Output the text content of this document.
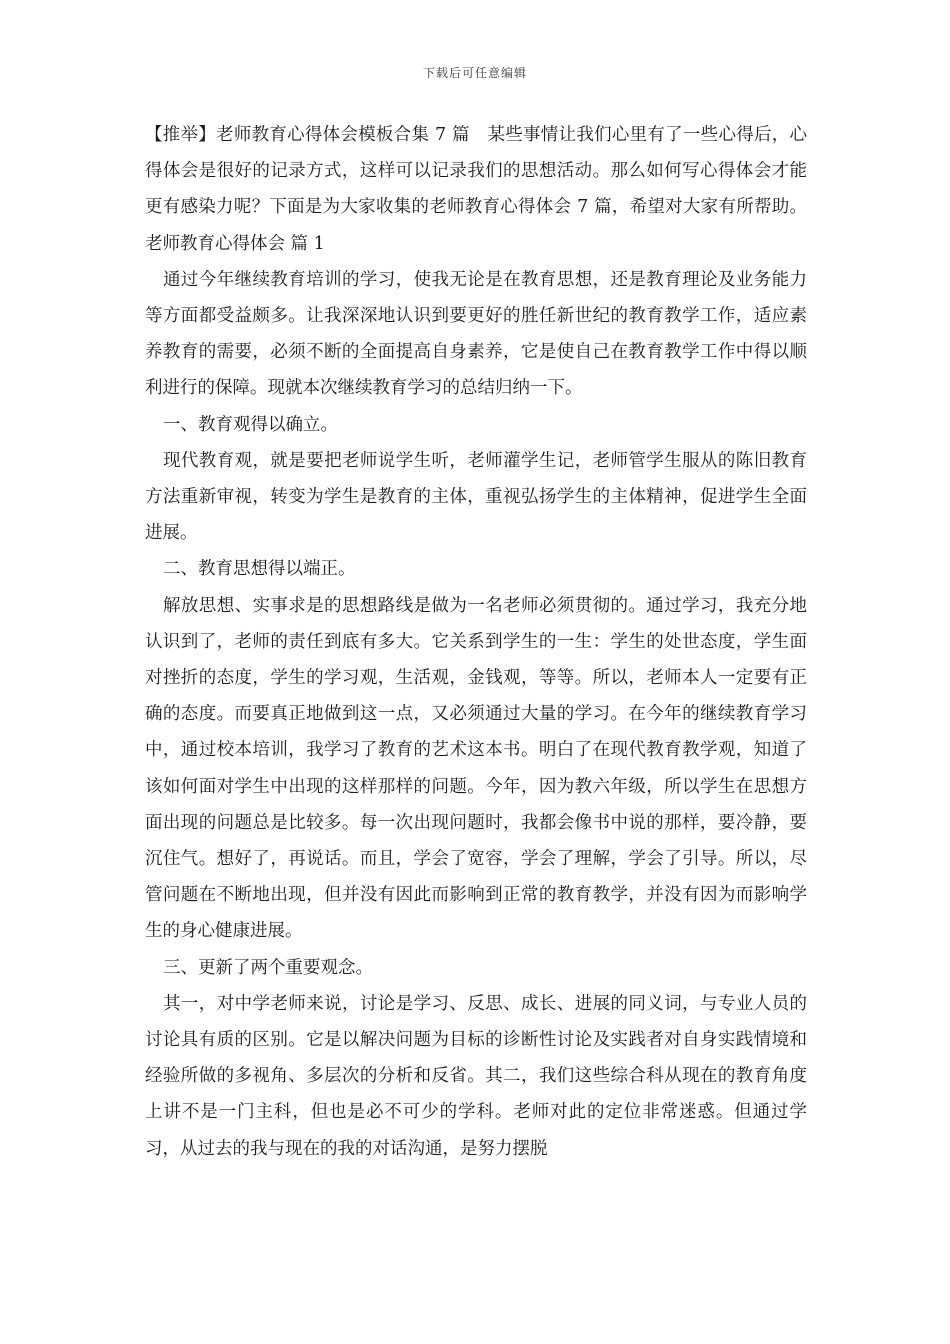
下载后可任意编辑

【推举】老师教育心得体会模板合集 7 篇　某些事情让我们心里有了一些心得后，心得体会是很好的记录方式，这样可以记录我们的思想活动。那么如何写心得体会才能更有感染力呢？下面是为大家收集的老师教育心得体会 7 篇，希望对大家有所帮助。老师教育心得体会 篇 1

通过今年继续教育培训的学习，使我无论是在教育思想，还是教育理论及业务能力等方面都受益颇多。让我深深地认识到要更好的胜任新世纪的教育教学工作，适应素养教育的需要，必须不断的全面提高自身素养，它是使自己在教育教学工作中得以顺利进行的保障。现就本次继续教育学习的总结归纳一下。

一、教育观得以确立。

现代教育观，就是要把老师说学生听，老师灌学生记，老师管学生服从的陈旧教育方法重新审视，转变为学生是教育的主体，重视弘扬学生的主体精神，促进学生全面进展。

二、教育思想得以端正。

解放思想、实事求是的思想路线是做为一名老师必须贯彻的。通过学习，我充分地认识到了，老师的责任到底有多大。它关系到学生的一生：学生的处世态度，学生面对挫折的态度，学生的学习观，生活观，金钱观，等等。所以，老师本人一定要有正确的态度。而要真正地做到这一点，又必须通过大量的学习。在今年的继续教育学习中，通过校本培训，我学习了教育的艺术这本书。明白了在现代教育教学观，知道了该如何面对学生中出现的这样那样的问题。今年，因为教六年级，所以学生在思想方面出现的问题总是比较多。每一次出现问题时，我都会像书中说的那样，要冷静，要沉住气。想好了，再说话。而且，学会了宽容，学会了理解，学会了引导。所以，尽管问题在不断地出现，但并没有因此而影响到正常的教育教学，并没有因为而影响学生的身心健康进展。

三、更新了两个重要观念。

其一，对中学老师来说，讨论是学习、反思、成长、进展的同义词，与专业人员的讨论具有质的区别。它是以解决问题为目标的诊断性讨论及实践者对自身实践情境和经验所做的多视角、多层次的分析和反省。其二，我们这些综合科从现在的教育角度上讲不是一门主科，但也是必不可少的学科。老师对此的定位非常迷惑。但通过学习，从过去的我与现在的我的对话沟通，是努力摆脱
